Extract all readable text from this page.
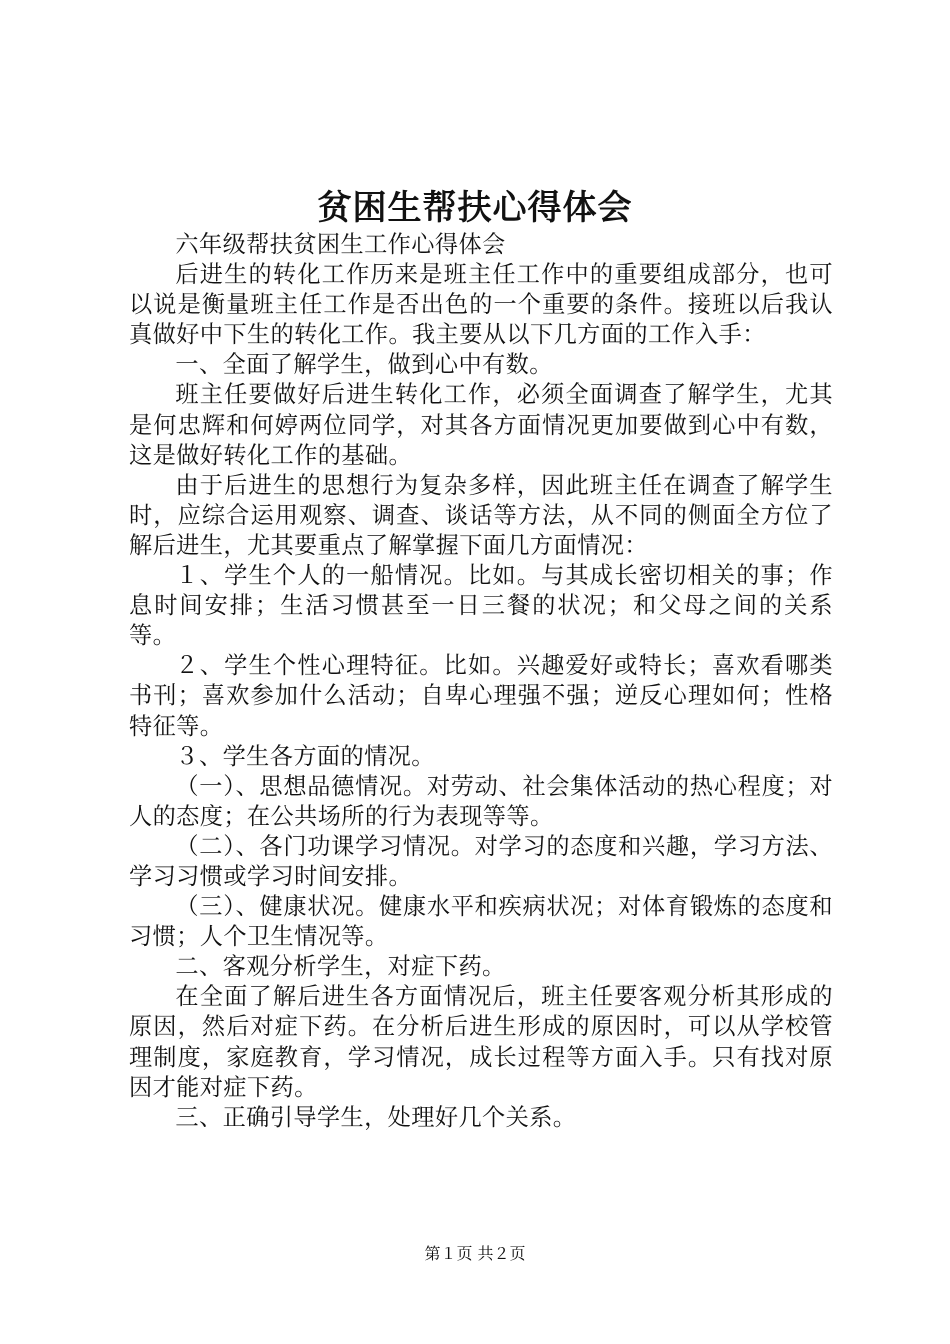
贫困生帮扶心得体会

六年级帮扶贫困生工作心得体会

后进生的转化工作历来是班主任工作中的重要组成部分，也可以说是衡量班主任工作是否出色的一个重要的条件。接班以后我认真做好中下生的转化工作。我主要从以下几方面的工作入手：

一、全面了解学生，做到心中有数。

班主任要做好后进生转化工作，必须全面调查了解学生，尤其是何忠辉和何婷两位同学，对其各方面情况更加要做到心中有数，这是做好转化工作的基础。

由于后进生的思想行为复杂多样，因此班主任在调查了解学生时，应综合运用观察、调查、谈话等方法，从不同的侧面全方位了解后进生，尤其要重点了解掌握下面几方面情况：

１、学生个人的一船情况。比如。与其成长密切相关的事；作息时间安排；生活习惯甚至一日三餐的状况；和父母之间的关系等。

２、学生个性心理特征。比如。兴趣爱好或特长；喜欢看哪类书刊；喜欢参加什么活动；自卑心理强不强；逆反心理如何；性格特征等。

３、学生各方面的情况。

（一）、思想品德情况。对劳动、社会集体活动的热心程度；对人的态度；在公共场所的行为表现等等。

（二）、各门功课学习情况。对学习的态度和兴趣，学习方法、学习习惯或学习时间安排。

（三）、健康状况。健康水平和疾病状况；对体育锻炼的态度和习惯；人个卫生情况等。

二、客观分析学生，对症下药。

在全面了解后进生各方面情况后，班主任要客观分析其形成的原因，然后对症下药。在分析后进生形成的原因时，可以从学校管理制度，家庭教育，学习情况，成长过程等方面入手。只有找对原因才能对症下药。

三、正确引导学生，处理好几个关系。

第１页 共２页
